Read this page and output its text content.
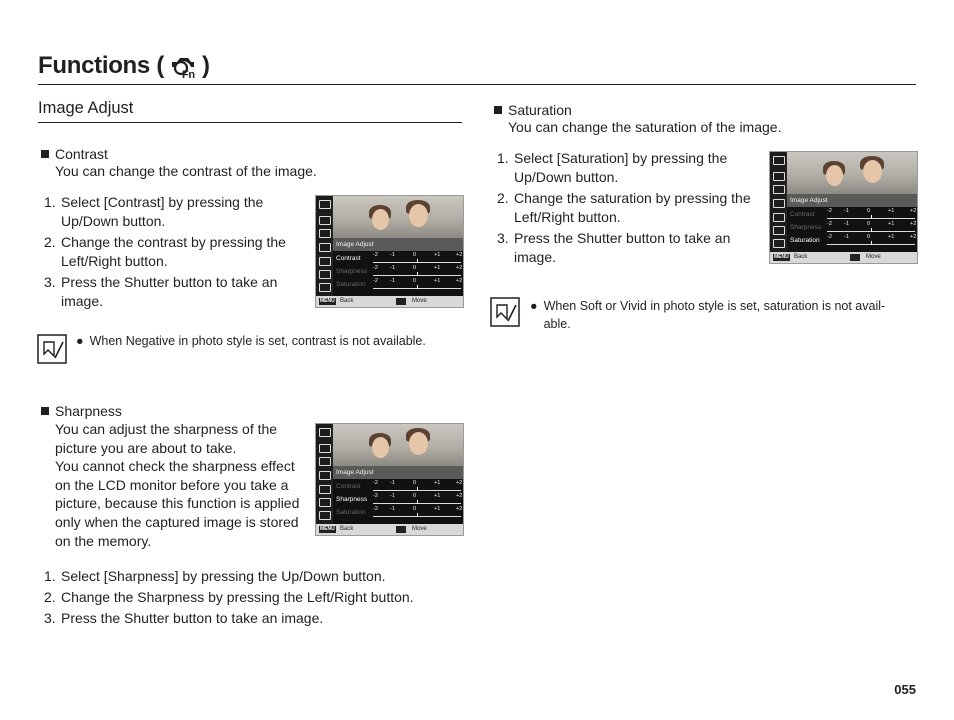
Functions ( Fn )
Image Adjust
Contrast
You can change the contrast of the image.
1. Select [Contrast] by pressing the
Up/Down button.
2. Change the contrast by pressing the
Left/Right button.
3. Press the Shutter button to take an
image.
Image Adjust
Contrast -2 -1	0	+1	+2
Sharpness -2 -1	0	+1	+2
Saturation -2 -1	0	+1	+2
MENU Back	Move
● When Negative in photo style is set, contrast is not available.
Sharpness
You can adjust the sharpness of the
picture you are about to take.
You cannot check the sharpness effect
on the LCD monitor before you take a
picture, because this function is applied
only when the captured image is stored
on the memory.
Image Adjust
Contrast -2 -1	0	+1	+2
Sharpness -2 -1	0	+1	+2
Saturation -2 -1	0	+1	+2
MENU Back	Move
1. Select [Sharpness] by pressing the Up/Down button.
2. Change the Sharpness by pressing the Left/Right button.
3. Press the Shutter button to take an image.
Saturation
You can change the saturation of the image.
1. Select [Saturation] by pressing the
Up/Down button.
2. Change the saturation by pressing the
Left/Right button.
3. Press the Shutter button to take an
image.
Image Adjust
Contrast -2 -1	0	+1	+2
Sharpness -2 -1	0	+1	+2
Saturation -2 -1	0	+1	+2
MENU Back	Move
● When Soft or Vivid in photo style is set, saturation is not avail-
able.
055
